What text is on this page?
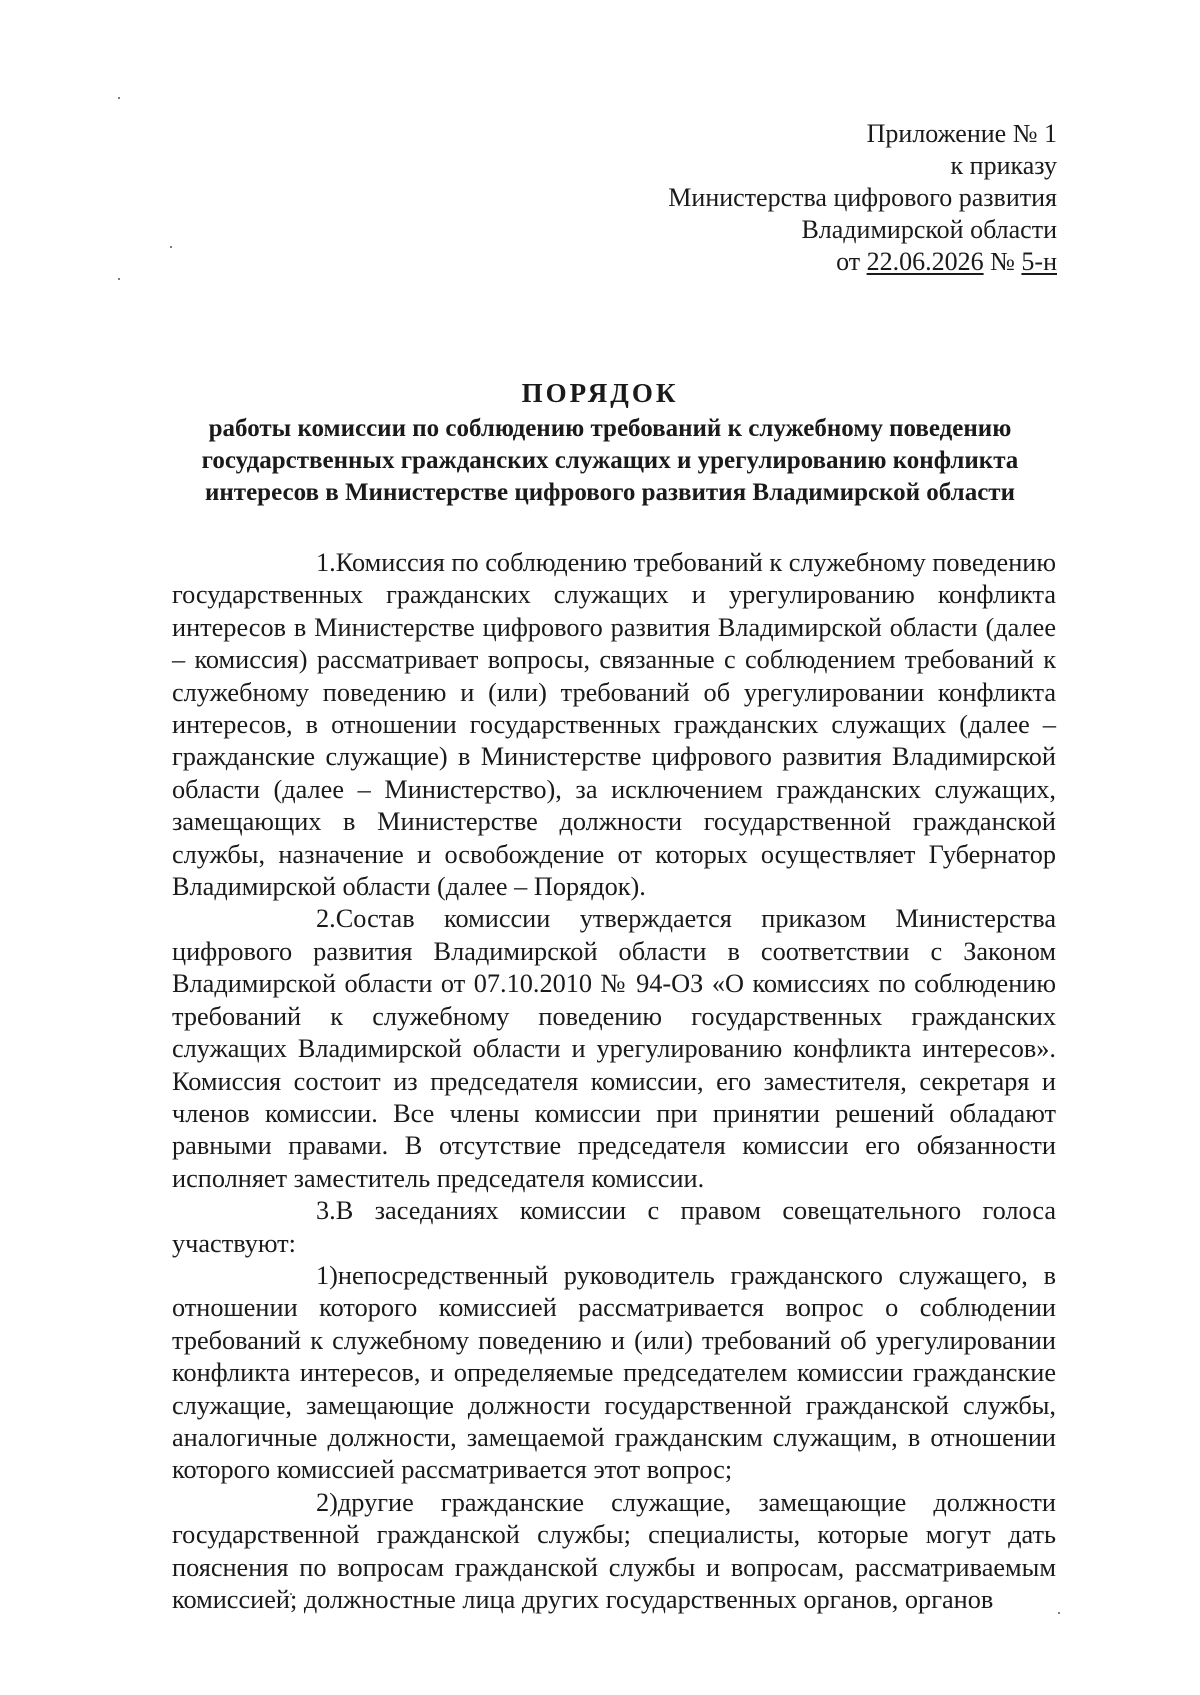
Приложение № 1
к приказу
Министерства цифрового развития
Владимирской области
от 22.06.2026 № 5-н
ПОРЯДОК
работы комиссии по соблюдению требований к служебному поведению
государственных гражданских служащих и урегулированию конфликта
интересов в Министерстве цифрового развития Владимирской области

1.Комиссия по соблюдению требований к служебному поведению государственных гражданских служащих и урегулированию конфликта интересов в Министерстве цифрового развития Владимирской области (далее – комиссия) рассматривает вопросы, связанные с соблюдением требований к служебному поведению и (или) требований об урегулировании конфликта интересов, в отношении государственных гражданских служащих (далее – гражданские служащие) в Министерстве цифрового развития Владимирской области (далее – Министерство), за исключением гражданских служащих, замещающих в Министерстве должности государственной гражданской службы, назначение и освобождение от которых осуществляет Губернатор Владимирской области (далее – Порядок).

2.Состав комиссии утверждается приказом Министерства цифрового развития Владимирской области в соответствии с Законом Владимирской области от 07.10.2010 № 94-ОЗ «О комиссиях по соблюдению требований к служебному поведению государственных гражданских служащих Владимирской области и урегулированию конфликта интересов». Комиссия состоит из председателя комиссии, его заместителя, секретаря и членов комиссии. Все члены комиссии при принятии решений обладают равными правами. В отсутствие председателя комиссии его обязанности исполняет заместитель председателя комиссии.

3.В заседаниях комиссии с правом совещательного голоса участвуют:

1)непосредственный руководитель гражданского служащего, в отношении которого комиссией рассматривается вопрос о соблюдении требований к служебному поведению и (или) требований об урегулировании конфликта интересов, и определяемые председателем комиссии гражданские служащие, замещающие должности государственной гражданской службы, аналогичные должности, замещаемой гражданским служащим, в отношении которого комиссией рассматривается этот вопрос;

2)другие гражданские служащие, замещающие должности государственной гражданской службы; специалисты, которые могут дать пояснения по вопросам гражданской службы и вопросам, рассматриваемым комиссией; должностные лица других государственных органов, органов
